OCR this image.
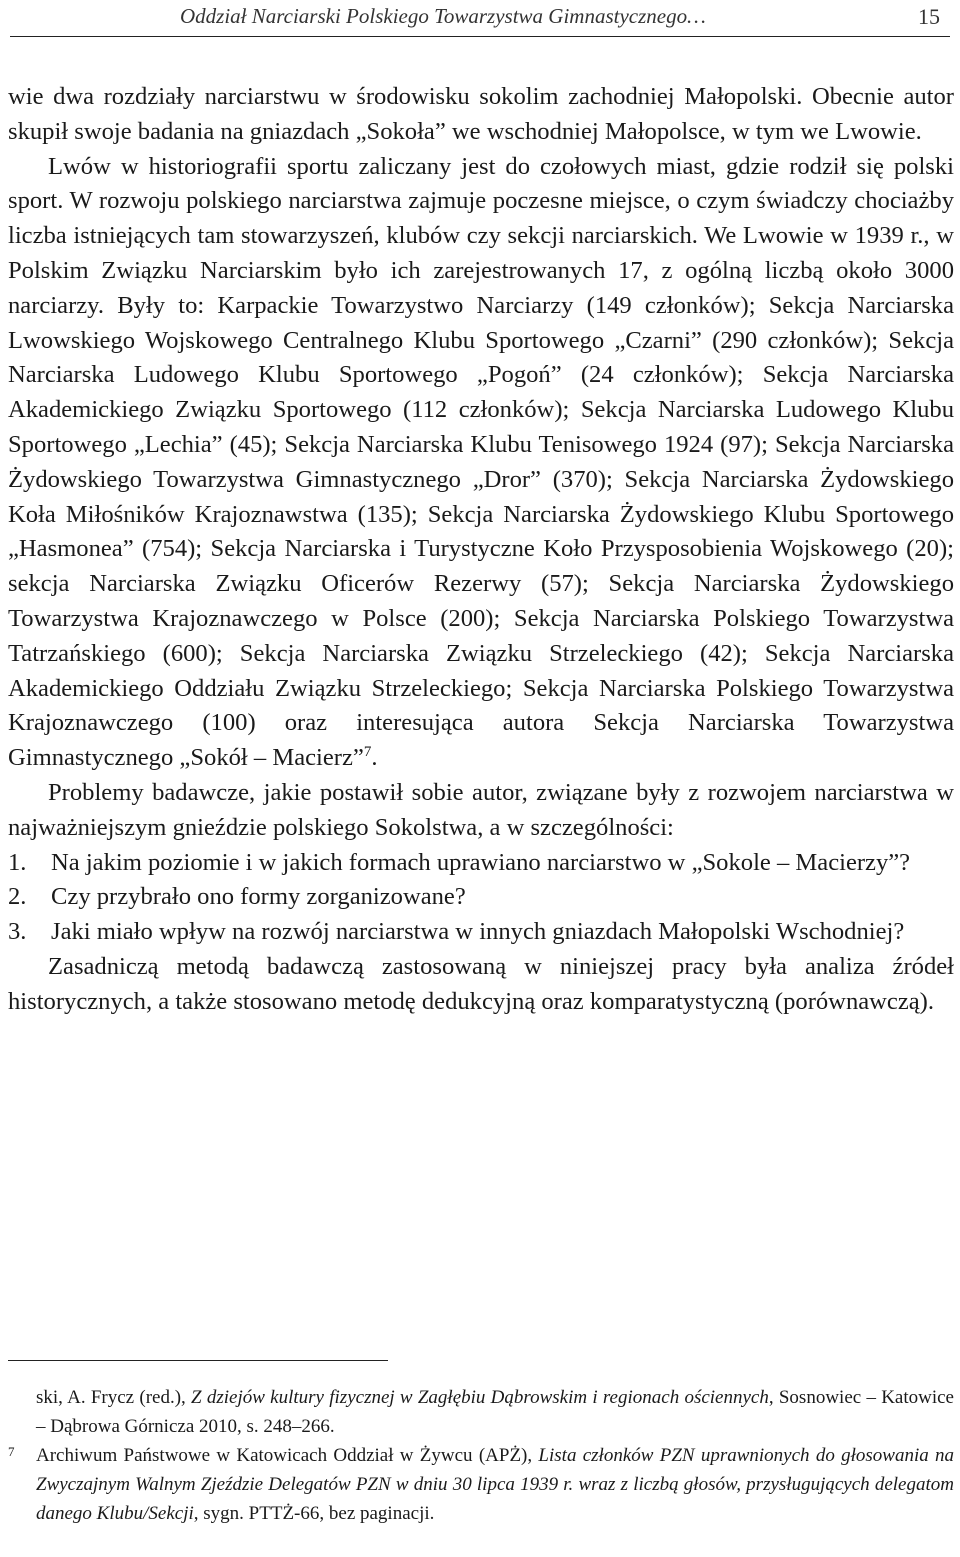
Oddział Narciarski Polskiego Towarzystwa Gimnastycznego…	15

wie dwa rozdziały narciarstwu w środowisku sokolim zachodniej Małopolski. Obecnie autor skupił swoje badania na gniazdach „Sokoła” we wschodniej Małopolsce, w tym we Lwowie.

Lwów w historiografii sportu zaliczany jest do czołowych miast, gdzie rodził się polski sport. W rozwoju polskiego narciarstwa zajmuje poczesne miejsce, o czym świadczy chociażby liczba istniejących tam stowarzyszeń, klubów czy sekcji narciarskich. We Lwowie w 1939 r., w Polskim Związku Narciarskim było ich zarejestrowanych 17, z ogólną liczbą około 3000 narciarzy. Były to: Karpackie Towarzystwo Narciarzy (149 członków); Sekcja Narciarska Lwowskiego Wojskowego Centralnego Klubu Sportowego „Czarni” (290 członków); Sekcja Narciarska Ludowego Klubu Sportowego „Pogoń” (24 członków); Sekcja Narciarska Akademickiego Związku Sportowego (112 członków); Sekcja Narciarska Ludowego Klubu Sportowego „Lechia” (45); Sekcja Narciarska Klubu Tenisowego 1924 (97); Sekcja Narciarska Żydowskiego Towarzystwa Gimnastycznego „Dror” (370); Sekcja Narciarska Żydowskiego Koła Miłośników Krajoznawstwa (135); Sekcja Narciarska Żydowskiego Klubu Sportowego „Hasmonea” (754); Sekcja Narciarska i Turystyczne Koło Przysposobienia Wojskowego (20); sekcja Narciarska Związku Oficerów Rezerwy (57); Sekcja Narciarska Żydowskiego Towarzystwa Krajoznawczego w Polsce (200); Sekcja Narciarska Polskiego Towarzystwa Tatrzańskiego (600); Sekcja Narciarska Związku Strzeleckiego (42); Sekcja Narciarska Akademickiego Oddziału Związku Strzeleckiego; Sekcja Narciarska Polskiego Towarzystwa Krajoznawczego (100) oraz interesująca autora Sekcja Narciarska Towarzystwa Gimnastycznego „Sokół – Macierz”$^7$.

Problemy badawcze, jakie postawił sobie autor, związane były z rozwojem narciarstwa w najważniejszym gnieździe polskiego Sokolstwa, a w szczególności:

1. Na jakim poziomie i w jakich formach uprawiano narciarstwo w „Sokole – Macierzy”?
2. Czy przybrało ono formy zorganizowane?
3. Jaki miało wpływ na rozwój narciarstwa w innych gniazdach Małopolski Wschodniej?

Zasadniczą metodą badawczą zastosowaną w niniejszej pracy była analiza źródeł historycznych, a także stosowano metodę dedukcyjną oraz komparatystyczną (porównawczą).

ski, A. Frycz (red.), Z dziejów kultury fizycznej w Zagłębiu Dąbrowskim i regionach ościennych, Sosnowiec – Katowice – Dąbrowa Górnicza 2010, s. 248–266.

7 Archiwum Państwowe w Katowicach Oddział w Żywcu (APŻ), Lista członków PZN uprawnionych do głosowania na Zwyczajnym Walnym Zjeździe Delegatów PZN w dniu 30 lipca 1939 r. wraz z liczbą głosów, przysługujących delegatom danego Klubu/Sekcji, sygn. PTTŻ-66, bez paginacji.
